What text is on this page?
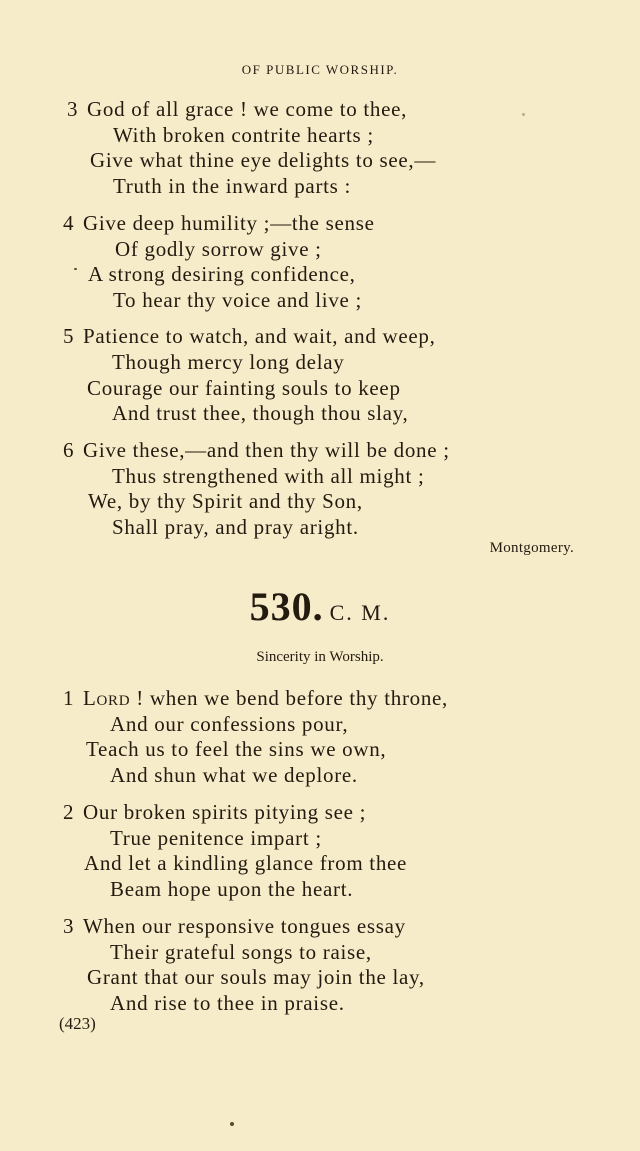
OF PUBLIC WORSHIP.
3 God of all grace ! we come to thee,
With broken contrite hearts ;
Give what thine eye delights to see,—
Truth in the inward parts :
4 Give deep humility ;—the sense
Of godly sorrow give ;
A strong desiring confidence,
To hear thy voice and live ;
5 Patience to watch, and wait, and weep,
Though mercy long delay
Courage our fainting souls to keep
And trust thee, though thou slay,
6 Give these,—and then thy will be done ;
Thus strengthened with all might ;
We, by thy Spirit and thy Son,
Shall pray, and pray aright.
Montgomery.
530. C. M.
Sincerity in Worship.
1 Lord ! when we bend before thy throne,
And our confessions pour,
Teach us to feel the sins we own,
And shun what we deplore.
2 Our broken spirits pitying see ;
True penitence impart ;
And let a kindling glance from thee
Beam hope upon the heart.
3 When our responsive tongues essay
Their grateful songs to raise,
Grant that our souls may join the lay,
And rise to thee in praise.
(423)
